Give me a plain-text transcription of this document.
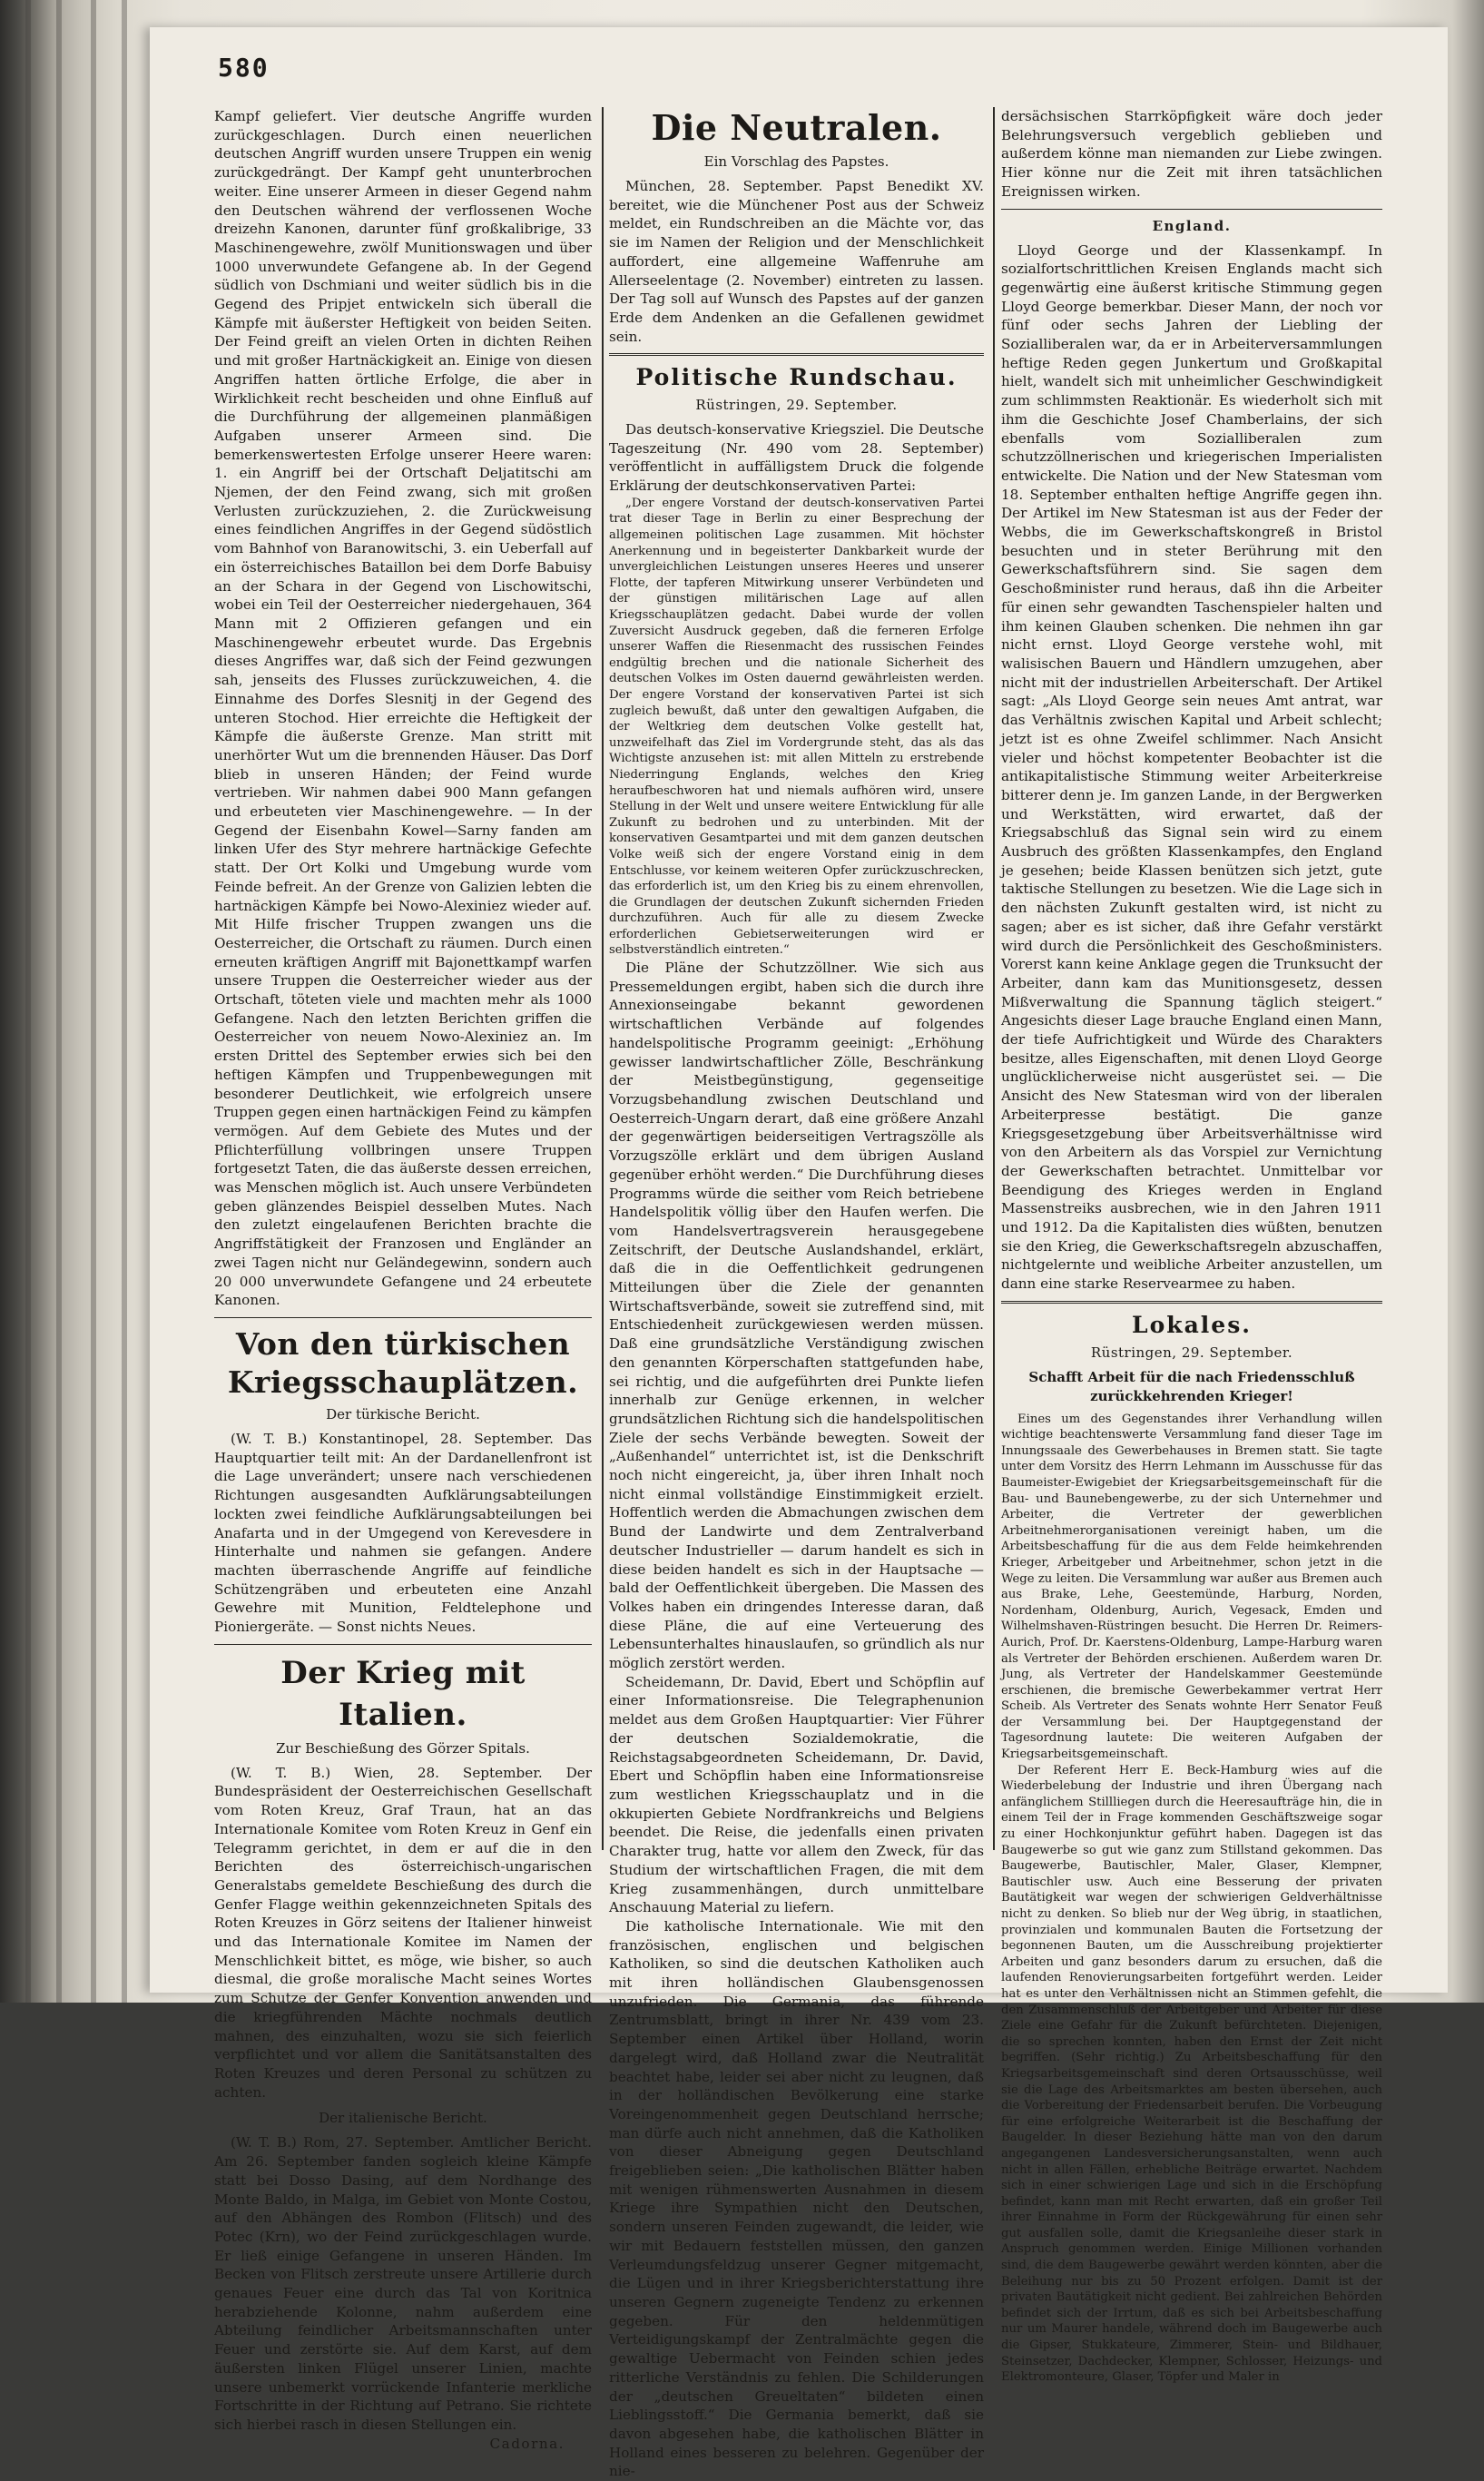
580

Kampf geliefert. Vier deutsche Angriffe wurden zurückgeschlagen. Durch einen neuerlichen deutschen Angriff wurden unsere Truppen ein wenig zurückgedrängt. Der Kampf geht ununterbrochen weiter. Eine unserer Armeen in dieser Gegend nahm den Deutschen während der verflossenen Woche dreizehn Kanonen, darunter fünf großkalibrige, 33 Maschinengewehre, zwölf Munitionswagen und über 1000 unverwundete Gefangene ab. In der Gegend südlich von Dschmiani und weiter südlich bis in die Gegend des Pripjet entwickeln sich überall die Kämpfe mit äußerster Heftigkeit von beiden Seiten. Der Feind greift an vielen Orten in dichten Reihen und mit großer Hartnäckigkeit an. Einige von diesen Angriffen hatten örtliche Erfolge, die aber in Wirklichkeit recht bescheiden und ohne Einfluß auf die Durchführung der allgemeinen planmäßigen Aufgaben unserer Armeen sind. Die bemerkenswertesten Erfolge unserer Heere waren: 1. ein Angriff bei der Ortschaft Deljatitschi am Njemen, der den Feind zwang, sich mit großen Verlusten zurückzuziehen, 2. die Zurückweisung eines feindlichen Angriffes in der Gegend südöstlich vom Bahnhof von Baranowitschi, 3. ein Ueberfall auf ein österreichisches Bataillon bei dem Dorfe Babuisy an der Schara in der Gegend von Lischowitschi, wobei ein Teil der Oesterreicher niedergehauen, 364 Mann mit 2 Offizieren gefangen und ein Maschinengewehr erbeutet wurde. Das Ergebnis dieses Angriffes war, daß sich der Feind gezwungen sah, jenseits des Flusses zurückzuweichen, 4. die Einnahme des Dorfes Slesnitj in der Gegend des unteren Stochod. Hier erreichte die Heftigkeit der Kämpfe die äußerste Grenze. Man stritt mit unerhörter Wut um die brennenden Häuser. Das Dorf blieb in unseren Händen; der Feind wurde vertrieben. Wir nahmen dabei 900 Mann gefangen und erbeuteten vier Maschinengewehre. — In der Gegend der Eisenbahn Kowel—Sarny fanden am linken Ufer des Styr mehrere hartnäckige Gefechte statt. Der Ort Kolki und Umgebung wurde vom Feinde befreit. An der Grenze von Galizien lebten die hartnäckigen Kämpfe bei Nowo-Alexiniez wieder auf. Mit Hilfe frischer Truppen zwangen uns die Oesterreicher, die Ortschaft zu räumen. Durch einen erneuten kräftigen Angriff mit Bajonettkampf warfen unsere Truppen die Oesterreicher wieder aus der Ortschaft, töteten viele und machten mehr als 1000 Gefangene. Nach den letzten Berichten griffen die Oesterreicher von neuem Nowo-Alexiniez an. Im ersten Drittel des September erwies sich bei den heftigen Kämpfen und Truppenbewegungen mit besonderer Deutlichkeit, wie erfolgreich unsere Truppen gegen einen hartnäckigen Feind zu kämpfen vermögen. Auf dem Gebiete des Mutes und der Pflichterfüllung vollbringen unsere Truppen fortgesetzt Taten, die das äußerste dessen erreichen, was Menschen möglich ist. Auch unsere Verbündeten geben glänzendes Beispiel desselben Mutes. Nach den zuletzt eingelaufenen Berichten brachte die Angriffstätigkeit der Franzosen und Engländer an zwei Tagen nicht nur Geländegewinn, sondern auch 20 000 unverwundete Gefangene und 24 erbeutete Kanonen.

Von den türkischen Kriegsschauplätzen.
Der türkische Bericht.

(W. T. B.) Konstantinopel, 28. September. Das Hauptquartier teilt mit: An der Dardanellenfront ist die Lage unverändert; unsere nach verschiedenen Richtungen ausgesandten Aufklärungsabteilungen lockten zwei feindliche Aufklärungsabteilungen bei Anafarta und in der Umgegend von Kerevesdere in Hinterhalte und nahmen sie gefangen. Andere machten überraschende Angriffe auf feindliche Schützengräben und erbeuteten eine Anzahl Gewehre mit Munition, Feldtelephone und Pioniergeräte. — Sonst nichts Neues.

Der Krieg mit Italien.
Zur Beschießung des Görzer Spitals.

(W. T. B.) Wien, 28. September. Der Bundespräsident der Oesterreichischen Gesellschaft vom Roten Kreuz, Graf Traun, hat an das Internationale Komitee vom Roten Kreuz in Genf ein Telegramm gerichtet, in dem er auf die in den Berichten des österreichisch-ungarischen Generalstabs gemeldete Beschießung des durch die Genfer Flagge weithin gekennzeichneten Spitals des Roten Kreuzes in Görz seitens der Italiener hinweist und das Internationale Komitee im Namen der Menschlichkeit bittet, es möge, wie bisher, so auch diesmal, die große moralische Macht seines Wortes zum Schutze der Genfer Konvention anwenden und die kriegführenden Mächte nochmals deutlich mahnen, des einzuhalten, wozu sie sich feierlich verpflichtet und vor allem die Sanitätsanstalten des Roten Kreuzes und deren Personal zu schützen zu achten.

Der italienische Bericht.

(W. T. B.) Rom, 27. September. Amtlicher Bericht. Am 26. September fanden sogleich kleine Kämpfe statt bei Dosso Dasing, auf dem Nordhange des Monte Baldo, in Malga, im Gebiet von Monte Costou, auf den Abhängen des Rombon (Flitsch) und des Potec (Krn), wo der Feind zurückgeschlagen wurde. Er ließ einige Gefangene in unseren Händen. Im Becken von Flitsch zerstreute unsere Artillerie durch genaues Feuer eine durch das Tal von Koritnica herabziehende Kolonne, nahm außerdem eine Abteilung feindlicher Arbeitsmannschaften unter Feuer und zerstörte sie. Auf dem Karst, auf dem äußersten linken Flügel unserer Linien, machte unsere unbemerkt vorrückende Infanterie merkliche Fortschritte in der Richtung auf Petrano. Sie richtete sich hierbei rasch in diesen Stellungen ein.

Cadorna.
Die Neutralen.
Ein Vorschlag des Papstes.

München, 28. September. Papst Benedikt XV. bereitet, wie die Münchener Post aus der Schweiz meldet, ein Rundschreiben an die Mächte vor, das sie im Namen der Religion und der Menschlichkeit auffordert, eine allgemeine Waffenruhe am Allerseelentage (2. November) eintreten zu lassen. Der Tag soll auf Wunsch des Papstes auf der ganzen Erde dem Andenken an die Gefallenen gewidmet sein.

Politische Rundschau.
Rüstringen, 29. September.

Das deutsch-konservative Kriegsziel. Die Deutsche Tageszeitung (Nr. 490 vom 28. September) veröffentlicht in auffälligstem Druck die folgende Erklärung der deutschkonservativen Partei:

„Der engere Vorstand der deutsch-konservativen Partei trat dieser Tage in Berlin zu einer Besprechung der allgemeinen politischen Lage zusammen. Mit höchster Anerkennung und in begeisterter Dankbarkeit wurde der unvergleichlichen Leistungen unseres Heeres und unserer Flotte, der tapferen Mitwirkung unserer Verbündeten und der günstigen militärischen Lage auf allen Kriegsschauplätzen gedacht. Dabei wurde der vollen Zuversicht Ausdruck gegeben, daß die ferneren Erfolge unserer Waffen die Riesenmacht des russischen Feindes endgültig brechen und die nationale Sicherheit des deutschen Volkes im Osten dauernd gewährleisten werden. Der engere Vorstand der konservativen Partei ist sich zugleich bewußt, daß unter den gewaltigen Aufgaben, die der Weltkrieg dem deutschen Volke gestellt hat, unzweifelhaft das Ziel im Vordergrunde steht, das als das Wichtigste anzusehen ist: mit allen Mitteln zu erstrebende Niederringung Englands, welches den Krieg heraufbeschworen hat und niemals aufhören wird, unsere Stellung in der Welt und unsere weitere Entwicklung für alle Zukunft zu bedrohen und zu unterbinden. Mit der konservativen Gesamtpartei und mit dem ganzen deutschen Volke weiß sich der engere Vorstand einig in dem Entschlusse, vor keinem weiteren Opfer zurückzuschrecken, das erforderlich ist, um den Krieg bis zu einem ehrenvollen, die Grundlagen der deutschen Zukunft sichernden Frieden durchzuführen. Auch für alle zu diesem Zwecke erforderlichen Gebietserweiterungen wird er selbstverständlich eintreten.“

Die Pläne der Schutzzöllner. Wie sich aus Pressemeldungen ergibt, haben sich die durch ihre Annexionseingabe bekannt gewordenen wirtschaftlichen Verbände auf folgendes handelspolitische Programm geeinigt: „Erhöhung gewisser landwirtschaftlicher Zölle, Beschränkung der Meistbegünstigung, gegenseitige Vorzugsbehandlung zwischen Deutschland und Oesterreich-Ungarn derart, daß eine größere Anzahl der gegenwärtigen beiderseitigen Vertragszölle als Vorzugszölle erklärt und dem übrigen Ausland gegenüber erhöht werden.“ Die Durchführung dieses Programms würde die seither vom Reich betriebene Handelspolitik völlig über den Haufen werfen. Die vom Handelsvertragsverein herausgegebene Zeitschrift, der Deutsche Auslandshandel, erklärt, daß die in die Oeffentlichkeit gedrungenen Mitteilungen über die Ziele der genannten Wirtschaftsverbände, soweit sie zutreffend sind, mit Entschiedenheit zurückgewiesen werden müssen. Daß eine grundsätzliche Verständigung zwischen den genannten Körperschaften stattgefunden habe, sei richtig, und die aufgeführten drei Punkte liefen innerhalb zur Genüge erkennen, in welcher grundsätzlichen Richtung sich die handelspolitischen Ziele der sechs Verbände bewegten. Soweit der „Außenhandel“ unterrichtet ist, ist die Denkschrift noch nicht eingereicht, ja, über ihren Inhalt noch nicht einmal vollständige Einstimmigkeit erzielt. Hoffentlich werden die Abmachungen zwischen dem Bund der Landwirte und dem Zentralverband deutscher Industrieller — darum handelt es sich in diese beiden handelt es sich in der Hauptsache — bald der Oeffentlichkeit übergeben. Die Massen des Volkes haben ein dringendes Interesse daran, daß diese Pläne, die auf eine Verteuerung des Lebensunterhaltes hinauslaufen, so gründlich als nur möglich zerstört werden.

Scheidemann, Dr. David, Ebert und Schöpflin auf einer Informationsreise. Die Telegraphenunion meldet aus dem Großen Hauptquartier: Vier Führer der deutschen Sozialdemokratie, die Reichstagsabgeordneten Scheidemann, Dr. David, Ebert und Schöpflin haben eine Informationsreise zum westlichen Kriegsschauplatz und in die okkupierten Gebiete Nordfrankreichs und Belgiens beendet. Die Reise, die jedenfalls einen privaten Charakter trug, hatte vor allem den Zweck, für das Studium der wirtschaftlichen Fragen, die mit dem Krieg zusammenhängen, durch unmittelbare Anschauung Material zu liefern.

Die katholische Internationale. Wie mit den französischen, englischen und belgischen Katholiken, so sind die deutschen Katholiken auch mit ihren holländischen Glaubensgenossen unzufrieden. Die Germania, das führende Zentrumsblatt, bringt in ihrer Nr. 439 vom 23. September einen Artikel über Holland, worin dargelegt wird, daß Holland zwar die Neutralität beachtet habe, leider sei aber nicht zu leugnen, daß in der holländischen Bevölkerung eine starke Voreingenommenheit gegen Deutschland herrsche; man dürfe auch nicht annehmen, daß die Katholiken von dieser Abneigung gegen Deutschland freigeblieben seien: „Die katholischen Blätter haben mit wenigen rühmenswerten Ausnahmen in diesem Kriege ihre Sympathien nicht den Deutschen, sondern unseren Feinden zugewandt, die leider, wie wir mit Bedauern feststellen müssen, den ganzen Verleumdungsfeldzug unserer Gegner mitgemacht, die Lügen und in ihrer Kriegsberichterstattung ihre unseren Gegnern zugeneigte Tendenz zu erkennen gegeben. Für den heldenmütigen Verteidigungskampf der Zentralmächte gegen die gewaltige Uebermacht von Feinden schien jedes ritterliche Verständnis zu fehlen. Die Schilderungen der „deutschen Greueltaten“ bildeten einen Lieblingsstoff.“ Die Germania bemerkt, daß sie davon abgesehen habe, die katholischen Blätter in Holland eines besseren zu belehren. Gegenüber der nie-

dersächsischen Starrköpfigkeit wäre doch jeder Belehrungsversuch vergeblich geblieben und außerdem könne man niemanden zur Liebe zwingen. Hier könne nur die Zeit mit ihren tatsächlichen Ereignissen wirken.

England.

Lloyd George und der Klassenkampf. In sozialfortschrittlichen Kreisen Englands macht sich gegenwärtig eine äußerst kritische Stimmung gegen Lloyd George bemerkbar. Dieser Mann, der noch vor fünf oder sechs Jahren der Liebling der Sozialliberalen war, da er in Arbeiterversammlungen heftige Reden gegen Junkertum und Großkapital hielt, wandelt sich mit unheimlicher Geschwindigkeit zum schlimmsten Reaktionär. Es wiederholt sich mit ihm die Geschichte Josef Chamberlains, der sich ebenfalls vom Sozialliberalen zum schutzzöllnerischen und kriegerischen Imperialisten entwickelte. Die Nation und der New Statesman vom 18. September enthalten heftige Angriffe gegen ihn. Der Artikel im New Statesman ist aus der Feder der Webbs, die im Gewerkschaftskongreß in Bristol besuchten und in steter Berührung mit den Gewerkschaftsführern sind. Sie sagen dem Geschoßminister rund heraus, daß ihn die Arbeiter für einen sehr gewandten Taschenspieler halten und ihm keinen Glauben schenken. Die nehmen ihn gar nicht ernst. Lloyd George verstehe wohl, mit walisischen Bauern und Händlern umzugehen, aber nicht mit der industriellen Arbeiterschaft. Der Artikel sagt: „Als Lloyd George sein neues Amt antrat, war das Verhältnis zwischen Kapital und Arbeit schlecht; jetzt ist es ohne Zweifel schlimmer. Nach Ansicht vieler und höchst kompetenter Beobachter ist die antikapitalistische Stimmung weiter Arbeiterkreise bitterer denn je. Im ganzen Lande, in der Bergwerken und Werkstätten, wird erwartet, daß der Kriegsabschluß das Signal sein wird zu einem Ausbruch des größten Klassenkampfes, den England je gesehen; beide Klassen benützen sich jetzt, gute taktische Stellungen zu besetzen. Wie die Lage sich in den nächsten Zukunft gestalten wird, ist nicht zu sagen; aber es ist sicher, daß ihre Gefahr verstärkt wird durch die Persönlichkeit des Geschoßministers. Vorerst kann keine Anklage gegen die Trunksucht der Arbeiter, dann kam das Munitionsgesetz, dessen Mißverwaltung die Spannung täglich steigert.“ Angesichts dieser Lage brauche England einen Mann, der tiefe Aufrichtigkeit und Würde des Charakters besitze, alles Eigenschaften, mit denen Lloyd George unglücklicherweise nicht ausgerüstet sei. — Die Ansicht des New Statesman wird von der liberalen Arbeiterpresse bestätigt. Die ganze Kriegsgesetzgebung über Arbeitsverhältnisse wird von den Arbeitern als das Vorspiel zur Vernichtung der Gewerkschaften betrachtet. Unmittelbar vor Beendigung des Krieges werden in England Massenstreiks ausbrechen, wie in den Jahren 1911 und 1912. Da die Kapitalisten dies wüßten, benutzen sie den Krieg, die Gewerkschaftsregeln abzuschaffen, nichtgelernte und weibliche Arbeiter anzustellen, um dann eine starke Reservearmee zu haben.

Lokales.
Rüstringen, 29. September.
Schafft Arbeit für die nach Friedensschluß zurückkehrenden Krieger!

Eines um des Gegenstandes ihrer Verhandlung willen wichtige beachtenswerte Versammlung fand dieser Tage im Innungssaale des Gewerbehauses in Bremen statt. Sie tagte unter dem Vorsitz des Herrn Lehmann im Ausschusse für das Baumeister-Ewigebiet der Kriegsarbeitsgemeinschaft für die Bau- und Baunebengewerbe, zu der sich Unternehmer und Arbeiter, die Vertreter der gewerblichen Arbeitnehmerorganisationen vereinigt haben, um die Arbeitsbeschaffung für die aus dem Felde heimkehrenden Krieger, Arbeitgeber und Arbeitnehmer, schon jetzt in die Wege zu leiten. Die Versammlung war außer aus Bremen auch aus Brake, Lehe, Geestemünde, Harburg, Norden, Nordenham, Oldenburg, Aurich, Vegesack, Emden und Wilhelmshaven-Rüstringen besucht. Die Herren Dr. Reimers-Aurich, Prof. Dr. Kaerstens-Oldenburg, Lampe-Harburg waren als Vertreter der Behörden erschienen. Außerdem waren Dr. Jung, als Vertreter der Handelskammer Geestemünde erschienen, die bremische Gewerbekammer vertrat Herr Scheib. Als Vertreter des Senats wohnte Herr Senator Feuß der Versammlung bei. Der Hauptgegenstand der Tagesordnung lautete: Die weiteren Aufgaben der Kriegsarbeitsgemeinschaft.

Der Referent Herr E. Beck-Hamburg wies auf die Wiederbelebung der Industrie und ihren Übergang nach anfänglichem Stillliegen durch die Heeresaufträge hin, die in einem Teil der in Frage kommenden Geschäftszweige sogar zu einer Hochkonjunktur geführt haben. Dagegen ist das Baugewerbe so gut wie ganz zum Stillstand gekommen. Das Baugewerbe, Bautischler, Maler, Glaser, Klempner, Bautischler usw. Auch eine Besserung der privaten Bautätigkeit war wegen der schwierigen Geldverhältnisse nicht zu denken. So blieb nur der Weg übrig, in staatlichen, provinzialen und kommunalen Bauten die Fortsetzung der begonnenen Bauten, um die Ausschreibung projektierter Arbeiten und ganz besonders darum zu ersuchen, daß die laufenden Renovierungsarbeiten fortgeführt werden. Leider hat es unter den Verhältnissen nicht an Stimmen gefehlt, die den Zusammenschluß der Arbeitgeber und Arbeiter für diese Ziele eine Gefahr für die Zukunft befürchteten. Diejenigen, die so sprechen konnten, haben den Ernst der Zeit nicht begriffen. (Sehr richtig.) Zu Arbeitsbeschaffung für den Kriegsarbeitsgemeinschaft sind deren Ortsausschüsse, weil sie die Lage des Arbeitsmarktes am besten übersehen, auch die Vorbereitung der Friedensarbeit berufen. Die Vorbeugung für eine erfolgreiche Weiterarbeit ist die Beschaffung der Baugelder. In dieser Beziehung hätte man von den darum angegangenen Landesversicherungsanstalten, wenn auch nicht in allen Fällen, erhebliche Beiträge erwartet. Nachdem sich in einer schwierigen Lage und sich in die Erschöpfung befindet, kann man mit Recht erwarten, daß ein großer Teil ihrer Einnahme in Form der Rückgewährung für einen sehr gut ausfallen solle, damit die Kriegsanleihe dieser stark in Anspruch genommen werden. Einige Millionen vorhanden sind, die dem Baugewerbe gewährt werden könnten, aber die Beleihung nur bis zu 50 Prozent erfolgen. Damit ist der privaten Bautätigkeit nicht gedient. Bei zahlreichen Behörden befindet sich der Irrtum, daß es sich bei Arbeitsbeschaffung nur um Maurer handele, während doch im Baugewerbe auch die Gipser, Stukkateure, Zimmerer, Stein- und Bildhauer, Steinsetzer, Dachdecker, Klempner, Schlosser, Heizungs- und Elektromonteure, Glaser, Töpfer und Maler in
